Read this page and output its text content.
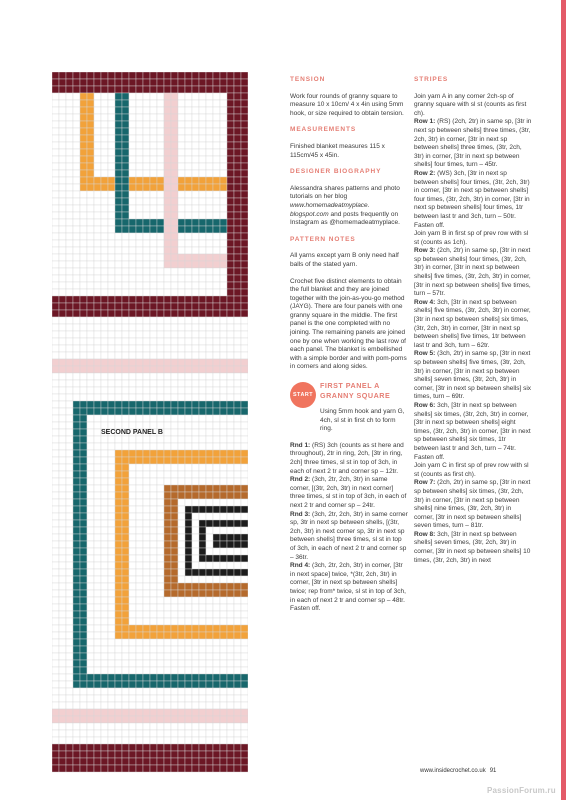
SECOND PANEL B

TENSION

Work four rounds of granny square to measure 10 x 10cm/ 4 x 4in using 5mm hook, or size required to obtain tension.

MEASUREMENTS

Finished blanket measures 115 x 115cm/45 x 45in.

DESIGNER BIOGRAPHY

Alessandra shares patterns and photo tutorials on her blog www.homemadeatmyplace. blogspot.com and posts frequently on Instagram as @homemadeatmyplace.

PATTERN NOTES

All yarns except yarn B only need half balls of the stated yarn.

Crochet five distinct elements to obtain the full blanket and they are joined together with the join-as-you-go method (JAYG). There are four panels with one granny square in the middle. The first panel is the one completed with no joining. The remaining panels are joined one by one when working the last row of each panel. The blanket is embellished with a simple border and with pom-poms in corners and along sides.

START
FIRST PANEL A
GRANNY SQUARE

Using 5mm hook and yarn G, 4ch, sl st in first ch to form ring.

Rnd 1: (RS) 3ch (counts as st here and throughout), 2tr in ring, 2ch, [3tr in ring, 2ch] three times, sl st in top of 3ch, in each of next 2 tr and corner sp – 12tr.

Rnd 2: (3ch, 2tr, 2ch, 3tr) in same corner, [(3tr, 2ch, 3tr) in next corner] three times, sl st in top of 3ch, in each of next 2 tr and corner sp – 24tr.

Rnd 3: (3ch, 2tr, 2ch, 3tr) in same corner sp, 3tr in next sp between shells, [(3tr, 2ch, 3tr) in next corner sp, 3tr in next sp between shells] three times, sl st in top of 3ch, in each of next 2 tr and corner sp – 36tr.

Rnd 4: (3ch, 2tr, 2ch, 3tr) in corner, [3tr in next space] twice, *(3tr, 2ch, 3tr) in corner, [3tr in next sp between shells] twice; rep from* twice, sl st in top of 3ch, in each of next 2 tr and corner sp – 48tr. Fasten off.

STRIPES

Join yarn A in any corner 2ch-sp of granny square with sl st (counts as first ch).

Row 1: (RS) (2ch, 2tr) in same sp, [3tr in next sp between shells] three times, (3tr, 2ch, 3tr) in corner, [3tr in next sp between shells] three times, (3tr, 2ch, 3tr) in corner, [3tr in next sp between shells] four times, turn – 45tr.

Row 2: (WS) 3ch, [3tr in next sp between shells] four times, (3tr, 2ch, 3tr) in corner, [3tr in next sp between shells] four times, (3tr, 2ch, 3tr) in corner, [3tr in next sp between shells] four times, 1tr between last tr and 3ch, turn – 50tr. Fasten off.

Join yarn B in first sp of prev row with sl st (counts as 1ch).

Row 3: (2ch, 2tr) in same sp, [3tr in next sp between shells] four times, (3tr, 2ch, 3tr) in corner, [3tr in next sp between shells] five times, (3tr, 2ch, 3tr) in corner, [3tr in next sp between shells] five times, turn – 57tr.

Row 4: 3ch, [3tr in next sp between shells] five times, (3tr, 2ch, 3tr) in corner, [3tr in next sp between shells] six times, (3tr, 2ch, 3tr) in corner, [3tr in next sp between shells] five times, 1tr between last tr and 3ch, turn – 62tr.

Row 5: (3ch, 2tr) in same sp, [3tr in next sp between shells] five times, (3tr, 2ch, 3tr) in corner, [3tr in next sp between shells] seven times, (3tr, 2ch, 3tr) in corner, [3tr in next sp between shells] six times, turn – 69tr.

Row 6: 3ch, [3tr in next sp between shells] six times, (3tr, 2ch, 3tr) in corner, [3tr in next sp between shells] eight times, (3tr, 2ch, 3tr) in corner, [3tr in next sp between shells] six times, 1tr between last tr and 3ch, turn – 74tr. Fasten off.

Join yarn C in first sp of prev row with sl st (counts as first ch).

Row 7: (2ch, 2tr) in same sp, [3tr in next sp between shells] six times, (3tr, 2ch, 3tr) in corner, [3tr in next sp between shells] nine times, (3tr, 2ch, 3tr) in corner, [3tr in next sp between shells] seven times, turn – 81tr.

Row 8: 3ch, [3tr in next sp between shells] seven times, (3tr, 2ch, 3tr) in corner, [3tr in next sp between shells] 10 times, (3tr, 2ch, 3tr) in next

www.insidecrochet.co.uk 91
PassionForum.ru
